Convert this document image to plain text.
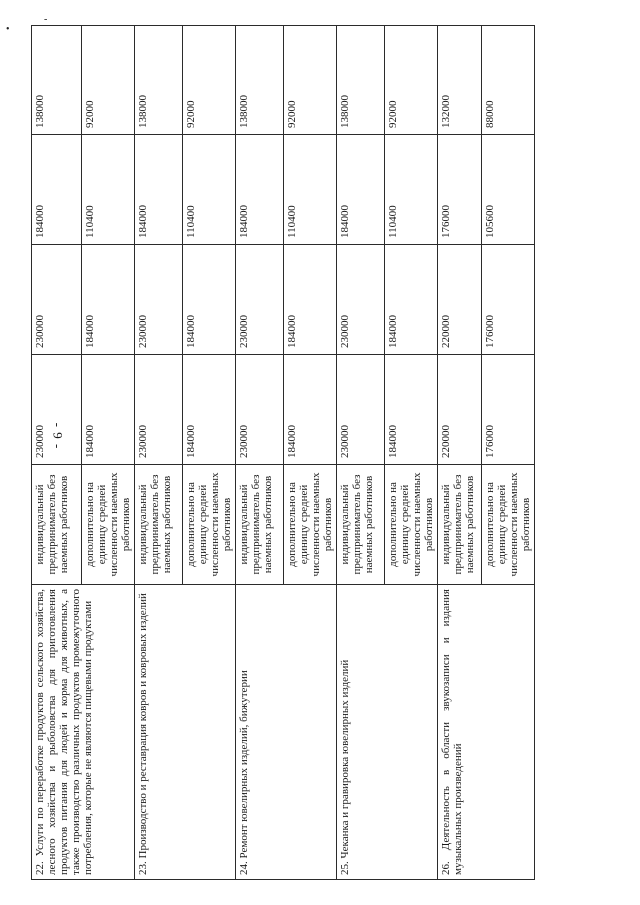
•
-
- 9 -
22. Услуги по переработке продуктов сельского хозяйства, лесного хозяйства и рыболовства для приготовления продуктов питания для людей и корма для животных, а также производство различных продуктов промежуточного потребления, которые не являются пищевыми продуктами	индивидуальный предприниматель без наемных работников	230000	230000	184000	138000
	дополнительно на единицу средней численности наемных работников	184000	184000	110400	92000
23. Производство и реставрация ковров и ковровых изделий	индивидуальный предприниматель без наемных работников	230000	230000	184000	138000
	дополнительно на единицу средней численности наемных работников	184000	184000	110400	92000
24. Ремонт ювелирных изделий, бижутерии	индивидуальный предприниматель без наемных работников	230000	230000	184000	138000
	дополнительно на единицу средней численности наемных работников	184000	184000	110400	92000
25. Чеканка и гравировка ювелирных изделий	индивидуальный предприниматель без наемных работников	230000	230000	184000	138000
	дополнительно на единицу средней численности наемных работников	184000	184000	110400	92000
26. Деятельность в области звукозаписи и издания музыкальных произведений	индивидуальный предприниматель без наемных работников	220000	220000	176000	132000
	дополнительно на единицу средней численности наемных работников	176000	176000	105600	88000
